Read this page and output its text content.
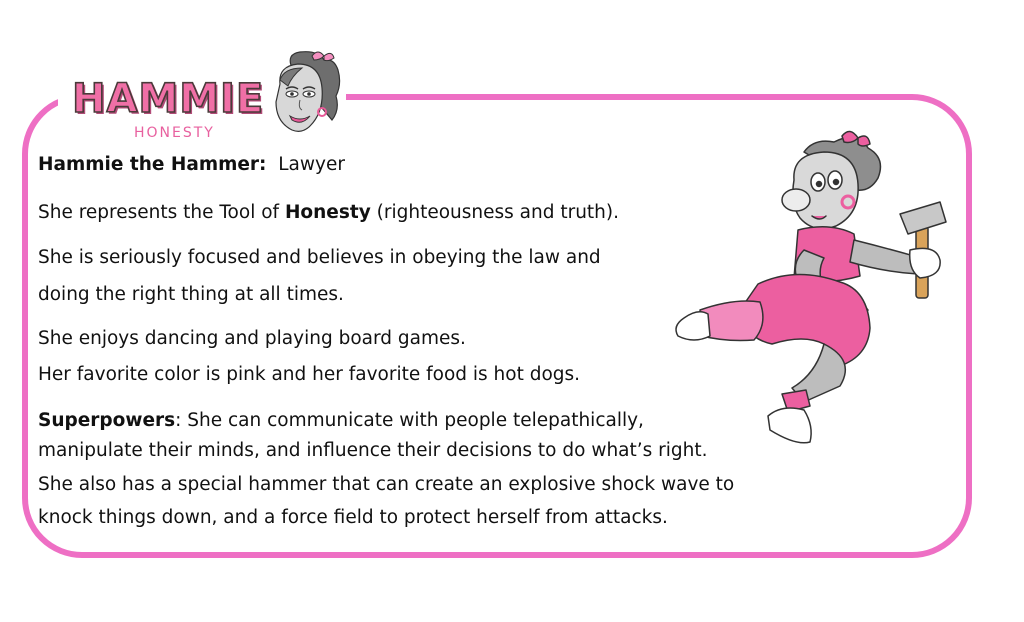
HAMMIE
HONESTY
Hammie the Hammer: Lawyer
She represents the Tool of Honesty (righteousness and truth).
She is seriously focused and believes in obeying the law and
doing the right thing at all times.
She enjoys dancing and playing board games.
Her favorite color is pink and her favorite food is hot dogs.
Superpowers: She can communicate with people telepathically,
manipulate their minds, and influence their decisions to do what’s right.
She also has a special hammer that can create an explosive shock wave to
knock things down, and a force field to protect herself from attacks.
